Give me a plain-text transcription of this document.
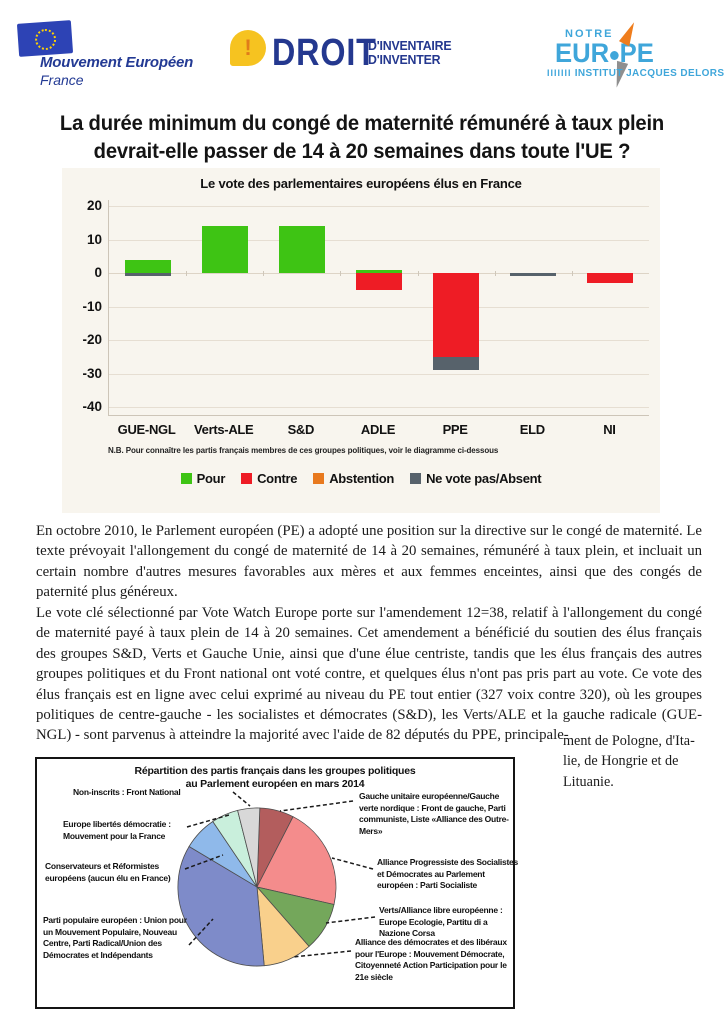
Mouvement Européen
France
! DROIT
D'INVENTAIRE
D'INVENTER
NOTRE
EUR PE
IIIIIII INSTITUT JACQUES DELORS
La durée minimum du congé de maternité rémunéré à taux plein
devrait-elle passer de 14 à 20 semaines dans toute l'UE ?
Le vote des parlementaires européens élus en France
N.B. Pour connaître les partis français membres de ces groupes politiques, voir le diagramme ci-dessous
Pour Contre Abstention Ne vote pas/Absent
20
10
0
-10
-20
-30
-40
GUE-NGL	Verts-ALE	S&D	ADLE	PPE	ELD	NI

En octobre 2010, le Parlement européen (PE) a adopté une position sur la directive sur le congé de maternité. Le texte prévoyait l'allongement du congé de maternité de 14 à 20 semaines, rémunéré à taux plein, et incluait un certain nombre d'autres mesures favorables aux mères et aux femmes enceintes, ainsi que des congés de paternité plus généreux.

Le vote clé sélectionné par Vote Watch Europe porte sur l'amendement 12=38, relatif à l'allongement du congé de maternité payé à taux plein de 14 à 20 semaines. Cet amendement a bénéficié du soutien des élus français des groupes S&D, Verts et Gauche Unie, ainsi que d'une élue centriste, tandis que les élus français des autres groupes politiques et du Front national ont voté contre, et quelques élus n'ont pas pris part au vote. Ce vote des élus français est en ligne avec celui exprimé au niveau du PE tout entier (327 voix contre 320), où les groupes politiques de centre-gauche - les socialistes et démocrates (S&D), les Verts/ALE et la gauche radicale (GUE-NGL) - sont parvenus à atteindre la majorité avec l'aide de 82 députés du PPE, principale-

ment de Pologne, d'Ita-
lie, de Hongrie et de
Lituanie.
Répartition des partis français dans les groupes politiques
au Parlement européen en mars 2014
Gauche unitaire européenne/Gauche verte nordique : Front de gauche, Parti communiste, Liste «Alliance des Outre-Mers»
Alliance Progressiste des Socialistes et Démocrates au Parlement européen : Parti Socialiste
Verts/Alliance libre européenne : Europe Ecologie, Partitu di a Nazione Corsa
Alliance des démocrates et des libéraux pour l'Europe : Mouvement Démocrate, Citoyenneté Action Participation pour le 21e siècle
Parti populaire européen : Union pour un Mouvement Populaire, Nouveau Centre, Parti Radical/Union des Démocrates et Indépendants
Conservateurs et Réformistes européens (aucun élu en France)
Europe libertés démocratie : Mouvement pour la France
Non-inscrits : Front National
